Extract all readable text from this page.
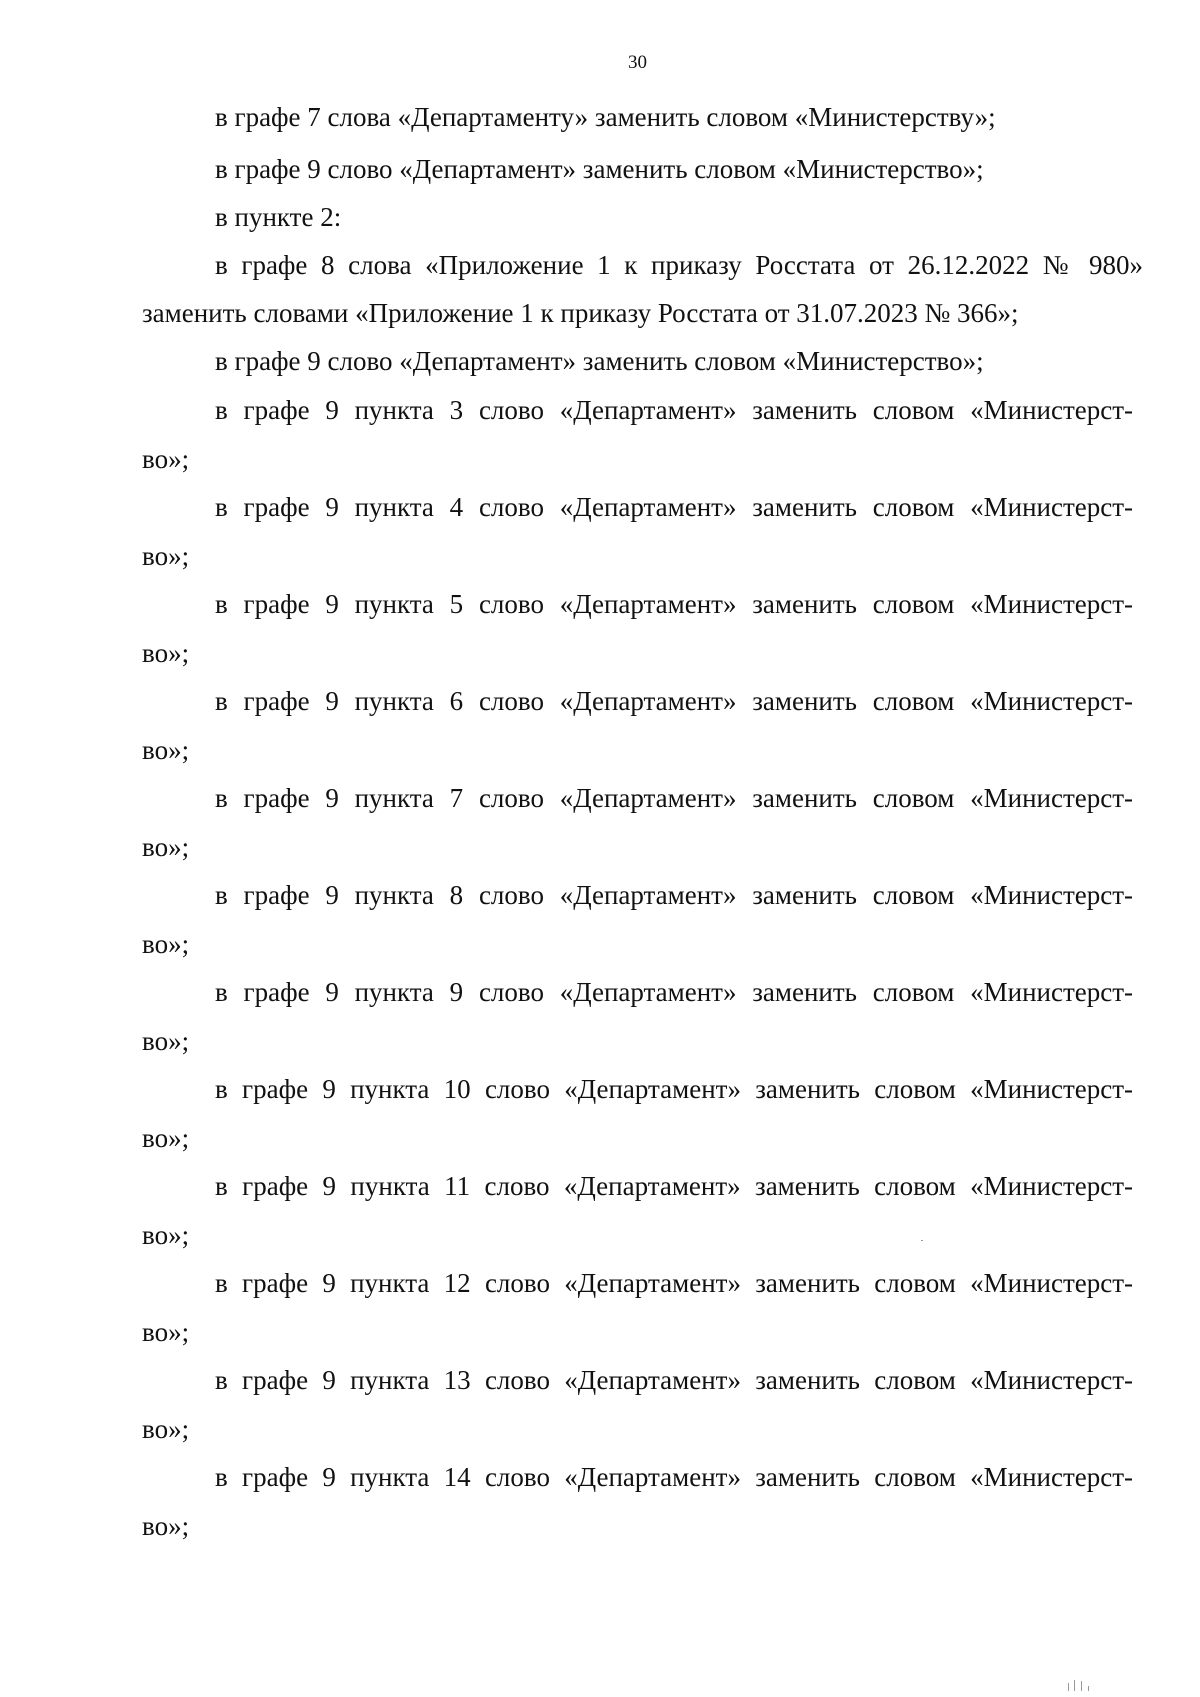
30
в графе 7 слова «Департаменту» заменить словом «Министерству»;
в графе 9 слово «Департамент» заменить словом «Министерство»;
в пункте 2:
в графе 8 слова «Приложение 1 к приказу Росстата от 26.12.2022 № 980»
заменить словами «Приложение 1 к приказу Росстата от 31.07.2023 № 366»;
в графе 9 слово «Департамент» заменить словом «Министерство»;
в графе 9 пункта 3 слово «Департамент» заменить словом «Министерст-
во»;
в графе 9 пункта 4 слово «Департамент» заменить словом «Министерст-
во»;
в графе 9 пункта 5 слово «Департамент» заменить словом «Министерст-
во»;
в графе 9 пункта 6 слово «Департамент» заменить словом «Министерст-
во»;
в графе 9 пункта 7 слово «Департамент» заменить словом «Министерст-
во»;
в графе 9 пункта 8 слово «Департамент» заменить словом «Министерст-
во»;
в графе 9 пункта 9 слово «Департамент» заменить словом «Министерст-
во»;
в графе 9 пункта 10 слово «Департамент» заменить словом «Министерст-
во»;
в графе 9 пункта 11 слово «Департамент» заменить словом «Министерст-
во»;
в графе 9 пункта 12 слово «Департамент» заменить словом «Министерст-
во»;
в графе 9 пункта 13 слово «Департамент» заменить словом «Министерст-
во»;
в графе 9 пункта 14 слово «Департамент» заменить словом «Министерст-
во»;
